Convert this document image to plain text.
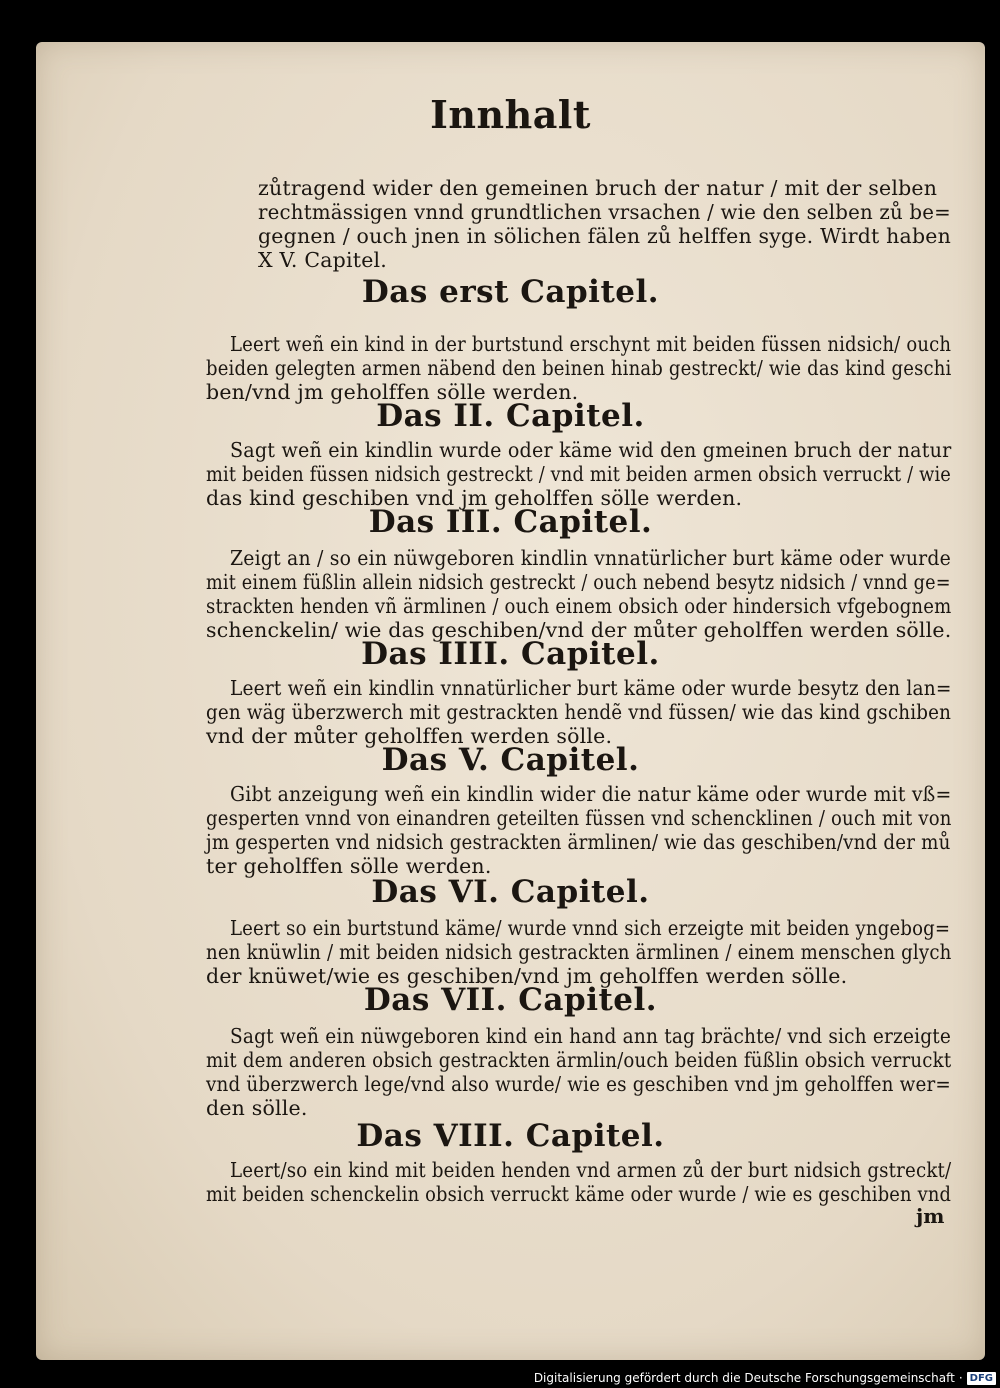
Innhalt
zůtragend wider den gemeinen bruch der natur / mit der selben
rechtmässigen vnnd grundtlichen vrsachen / wie den selben zů be=
gegnen / ouch jnen in sölichen fälen zů helffen syge. Wirdt haben
X V. Capitel.
Das erst Capitel.
Leert weñ ein kind in der burtstund erschynt mit beiden füssen nidsich/ ouch
beiden gelegten armen näbend den beinen hinab gestreckt/ wie das kind geschi
ben/vnd jm geholffen sölle werden.
Das II. Capitel.
Sagt weñ ein kindlin wurde oder käme wid den gmeinen bruch der natur
mit beiden füssen nidsich gestreckt / vnd mit beiden armen obsich verruckt / wie
das kind geschiben vnd jm geholffen sölle werden.
Das III. Capitel.
Zeigt an / so ein nüwgeboren kindlin vnnatürlicher burt käme oder wurde
mit einem füßlin allein nidsich gestreckt / ouch nebend besytz nidsich / vnnd ge=
strackten henden vñ ärmlinen / ouch einem obsich oder hindersich vfgebognem
schenckelin/ wie das geschiben/vnd der můter geholffen werden sölle.
Das IIII. Capitel.
Leert weñ ein kindlin vnnatürlicher burt käme oder wurde besytz den lan=
gen wäg überzwerch mit gestrackten hendẽ vnd füssen/ wie das kind gschiben
vnd der můter geholffen werden sölle.
Das V. Capitel.
Gibt anzeigung weñ ein kindlin wider die natur käme oder wurde mit vß=
gesperten vnnd von einandren geteilten füssen vnd schencklinen / ouch mit von
jm gesperten vnd nidsich gestrackten ärmlinen/ wie das geschiben/vnd der mů
ter geholffen sölle werden.
Das VI. Capitel.
Leert so ein burtstund käme/ wurde vnnd sich erzeigte mit beiden yngebog=
nen knüwlin / mit beiden nidsich gestrackten ärmlinen / einem menschen glych
der knüwet/wie es geschiben/vnd jm geholffen werden sölle.
Das VII. Capitel.
Sagt weñ ein nüwgeboren kind ein hand ann tag brächte/ vnd sich erzeigte
mit dem anderen obsich gestrackten ärmlin/ouch beiden füßlin obsich verruckt
vnd überzwerch lege/vnd also wurde/ wie es geschiben vnd jm geholffen wer=
den sölle.
Das VIII. Capitel.
Leert/so ein kind mit beiden henden vnd armen zů der burt nidsich gstreckt/
mit beiden schenckelin obsich verruckt käme oder wurde / wie es geschiben vnd
jm
Digitalisierung gefördert durch die Deutsche Forschungsgemeinschaft · DFG
